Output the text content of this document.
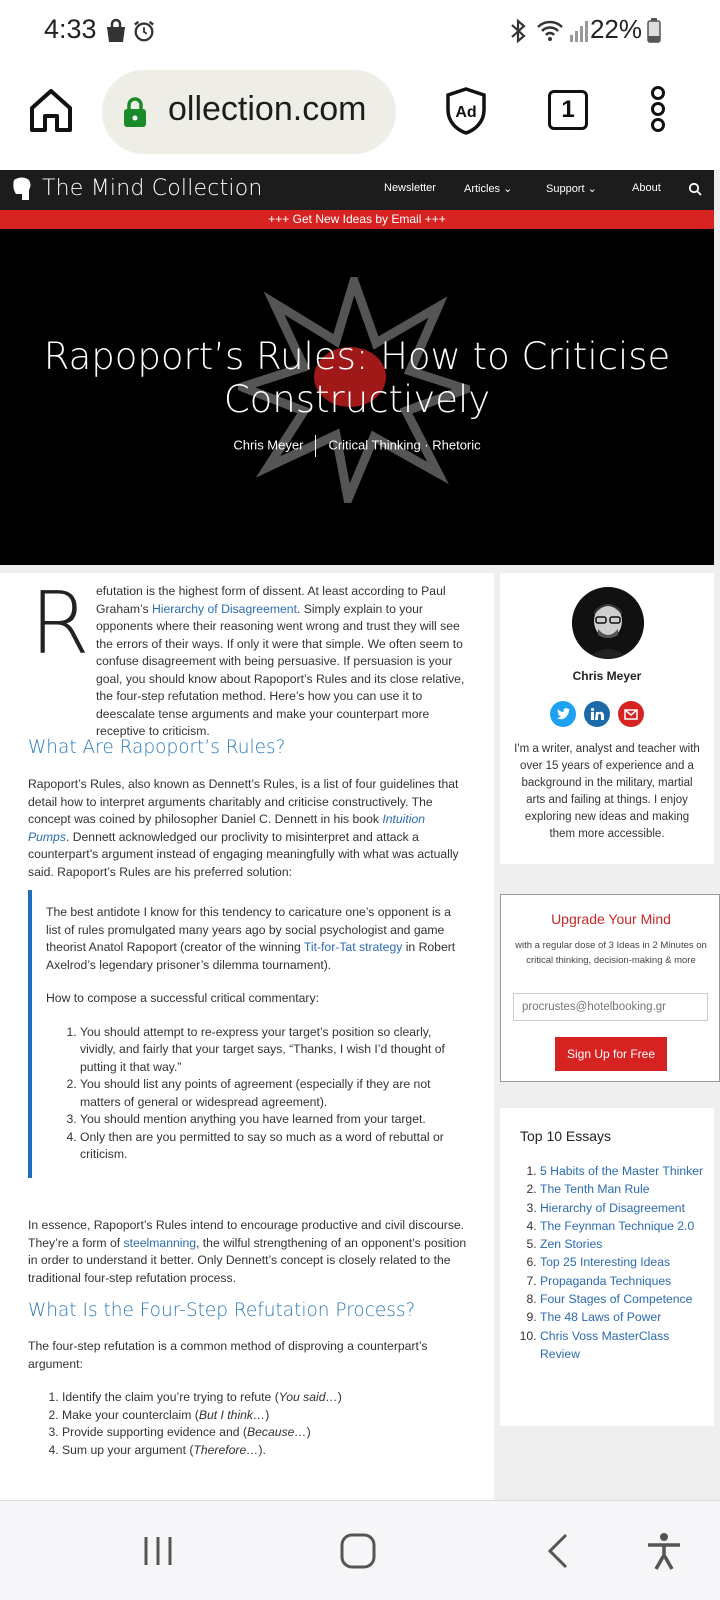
4:33	22%
ollection.com	Ad	1
The Mind Collection	Newsletter	Articles ⌄	Support ⌄	About
+++ Get New Ideas by Email +++
Rapoport’s Rules: How to Criticise Constructively
Chris Meyer Critical Thinking · Rhetoric
R efutation is the highest form of dissent. At least according to Paul Graham’s Hierarchy of Disagreement. Simply explain to your opponents where their reasoning went wrong and trust they will see the errors of their ways. If only it were that simple. We often seem to confuse disagreement with being persuasive. If persuasion is your goal, you should know about Rapoport’s Rules and its close relative, the four-step refutation method. Here’s how you can use it to deescalate tense arguments and make your counterpart more receptive to criticism.
What Are Rapoport’s Rules?
Rapoport’s Rules, also known as Dennett’s Rules, is a list of four guidelines that detail how to interpret arguments charitably and criticise constructively. The concept was coined by philosopher Daniel C. Dennett in his book Intuition Pumps. Dennett acknowledged our proclivity to misinterpret and attack a counterpart’s argument instead of engaging meaningfully with what was actually said. Rapoport’s Rules are his preferred solution:

The best antidote I know for this tendency to caricature one’s opponent is a list of rules promulgated many years ago by social psychologist and game theorist Anatol Rapoport (creator of the winning Tit-for-Tat strategy in Robert Axelrod’s legendary prisoner’s dilemma tournament).

How to compose a successful critical commentary:

1. You should attempt to re-express your target’s position so clearly, vividly, and fairly that your target says, “Thanks, I wish I’d thought of putting it that way.”
2. You should list any points of agreement (especially if they are not matters of general or widespread agreement).
3. You should mention anything you have learned from your target.
4. Only then are you permitted to say so much as a word of rebuttal or criticism.
In essence, Rapoport’s Rules intend to encourage productive and civil discourse. They’re a form of steelmanning, the wilful strengthening of an opponent’s position in order to understand it better. Only Dennett’s concept is closely related to the traditional four-step refutation process.
What Is the Four-Step Refutation Process?
The four-step refutation is a common method of disproving a counterpart’s argument:
1. Identify the claim you’re trying to refute (You said…)
2. Make your counterclaim (But I think…)
3. Provide supporting evidence and (Because…)
4. Sum up your argument (Therefore…).
Chris Meyer
I'm a writer, analyst and teacher with over 15 years of experience and a background in the military, martial arts and failing at things. I enjoy exploring new ideas and making them more accessible.
Upgrade Your Mind
with a regular dose of 3 Ideas in 2 Minutes on critical thinking, decision-making & more
procrustes@hotelbooking.gr
Sign Up for Free
Top 10 Essays
1. 5 Habits of the Master Thinker
2. The Tenth Man Rule
3. Hierarchy of Disagreement
4. The Feynman Technique 2.0
5. Zen Stories
6. Top 25 Interesting Ideas
7. Propaganda Techniques
8. Four Stages of Competence
9. The 48 Laws of Power
10. Chris Voss MasterClass Review
